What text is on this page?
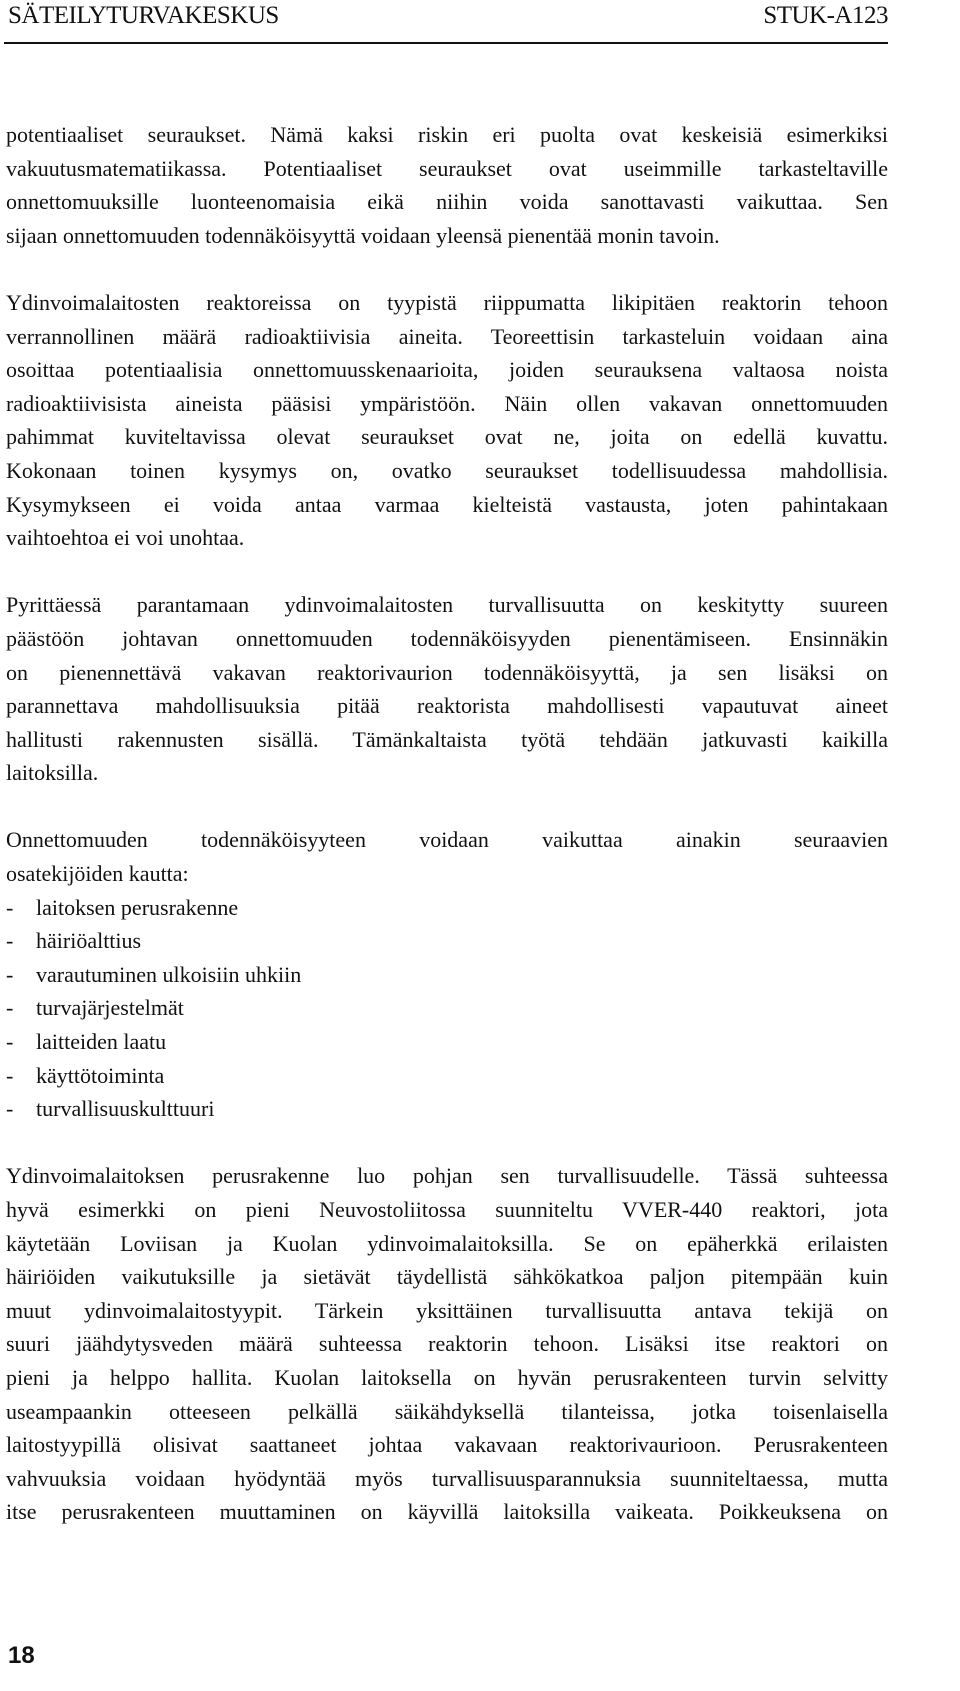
SÄTEILYTURVAKESKUS	STUK-A123
potentiaaliset seuraukset. Nämä kaksi riskin eri puolta ovat keskeisiä esimerkiksi
vakuutusmatematiikassa. Potentiaaliset seuraukset ovat useimmille tarkasteltaville
onnettomuuksille luonteenomaisia eikä niihin voida sanottavasti vaikuttaa. Sen
sijaan onnettomuuden todennäköisyyttä voidaan yleensä pienentää monin tavoin.
Ydinvoimalaitosten reaktoreissa on tyypistä riippumatta likipitäen reaktorin tehoon
verrannollinen määrä radioaktiivisia aineita. Teoreettisin tarkasteluin voidaan aina
osoittaa potentiaalisia onnettomuusskenaarioita, joiden seurauksena valtaosa noista
radioaktiivisista aineista pääsisi ympäristöön. Näin ollen vakavan onnettomuuden
pahimmat kuviteltavissa olevat seuraukset ovat ne, joita on edellä kuvattu.
Kokonaan toinen kysymys on, ovatko seuraukset todellisuudessa mahdollisia.
Kysymykseen ei voida antaa varmaa kielteistä vastausta, joten pahintakaan
vaihtoehtoa ei voi unohtaa.
Pyrittäessä parantamaan ydinvoimalaitosten turvallisuutta on keskitytty suureen
päästöön johtavan onnettomuuden todennäköisyyden pienentämiseen. Ensinnäkin
on pienennettävä vakavan reaktorivaurion todennäköisyyttä, ja sen lisäksi on
parannettava mahdollisuuksia pitää reaktorista mahdollisesti vapautuvat aineet
hallitusti rakennusten sisällä. Tämänkaltaista työtä tehdään jatkuvasti kaikilla
laitoksilla.
Onnettomuuden todennäköisyyteen voidaan vaikuttaa ainakin seuraavien
osatekijöiden kautta:
- laitoksen perusrakenne
- häiriöalttius
- varautuminen ulkoisiin uhkiin
- turvajärjestelmät
- laitteiden laatu
- käyttötoiminta
- turvallisuuskulttuuri
Ydinvoimalaitoksen perusrakenne luo pohjan sen turvallisuudelle. Tässä suhteessa
hyvä esimerkki on pieni Neuvostoliitossa suunniteltu VVER-440 reaktori, jota
käytetään Loviisan ja Kuolan ydinvoimalaitoksilla. Se on epäherkkä erilaisten
häiriöiden vaikutuksille ja sietävät täydellistä sähkökatkoa paljon pitempään kuin
muut ydinvoimalaitostyypit. Tärkein yksittäinen turvallisuutta antava tekijä on
suuri jäähdytysveden määrä suhteessa reaktorin tehoon. Lisäksi itse reaktori on
pieni ja helppo hallita. Kuolan laitoksella on hyvän perusrakenteen turvin selvitty
useampaankin otteeseen pelkällä säikähdyksellä tilanteissa, jotka toisenlaisella
laitostyypillä olisivat saattaneet johtaa vakavaan reaktorivaurioon. Perusrakenteen
vahvuuksia voidaan hyödyntää myös turvallisuusparannuksia suunniteltaessa, mutta
itse perusrakenteen muuttaminen on käyvillä laitoksilla vaikeata. Poikkeuksena on
18
